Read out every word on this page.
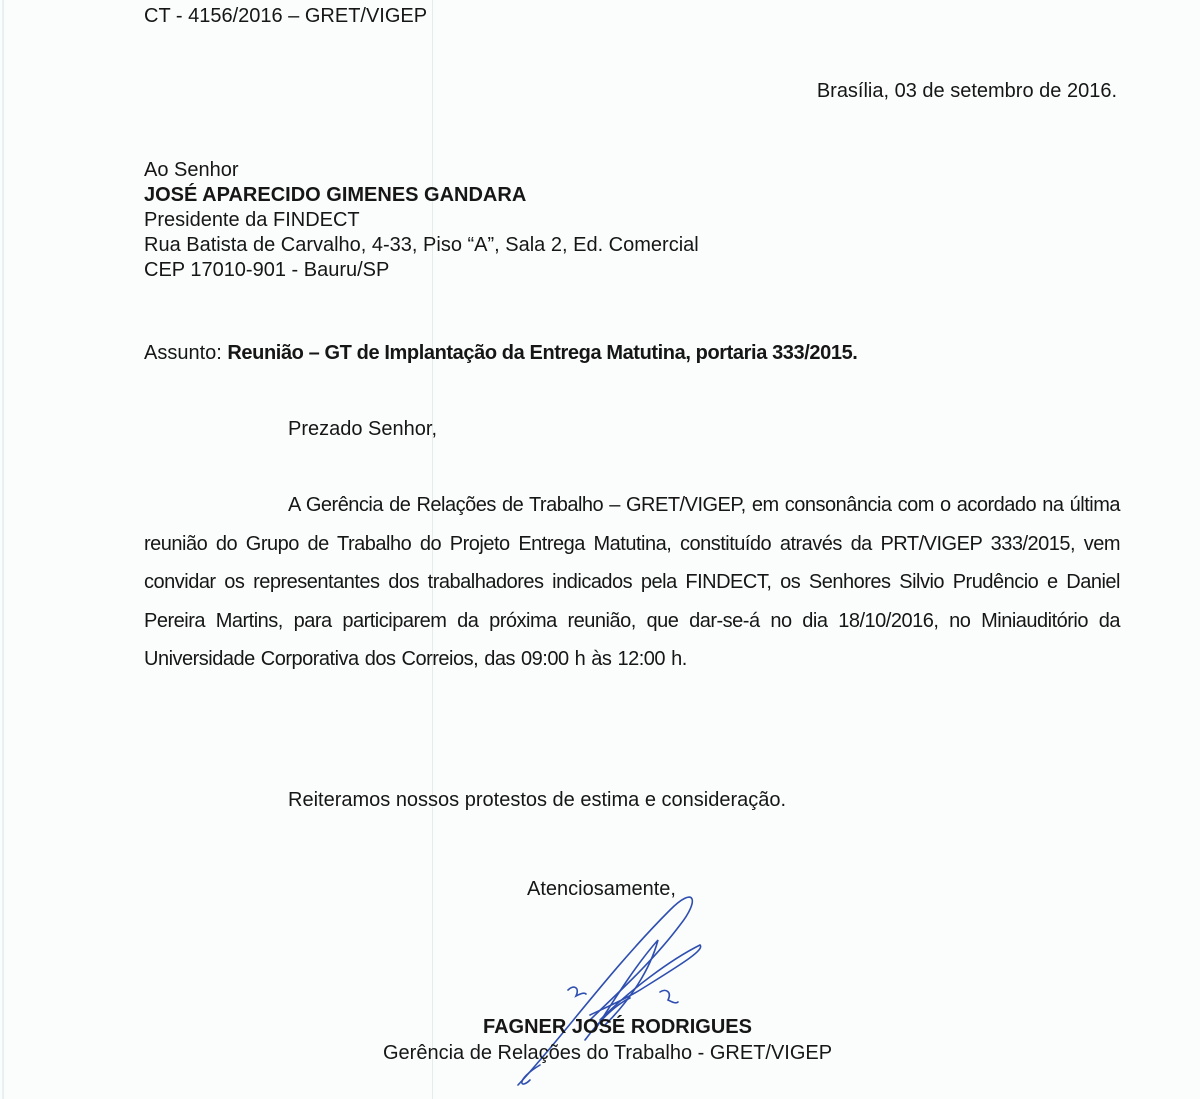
CT - 4156/2016 – GRET/VIGEP
Brasília, 03 de setembro de 2016.
Ao Senhor
JOSÉ APARECIDO GIMENES GANDARA
Presidente da FINDECT
Rua Batista de Carvalho, 4-33, Piso “A”, Sala 2, Ed. Comercial
CEP 17010-901 - Bauru/SP
Assunto: Reunião – GT de Implantação da Entrega Matutina, portaria 333/2015.
Prezado Senhor,
A Gerência de Relações de Trabalho – GRET/VIGEP, em consonância com o acordado na última reunião do Grupo de Trabalho do Projeto Entrega Matutina, constituído através da PRT/VIGEP 333/2015, vem convidar os representantes dos trabalhadores indicados pela FINDECT, os Senhores Silvio Prudêncio e Daniel Pereira Martins, para participarem da próxima reunião, que dar-se-á no dia 18/10/2016, no Miniauditório da Universidade Corporativa dos Correios, das 09:00 h às 12:00 h.
Reiteramos nossos protestos de estima e consideração.
Atenciosamente,
FAGNER JOSÉ RODRIGUES
Gerência de Relações do Trabalho - GRET/VIGEP
